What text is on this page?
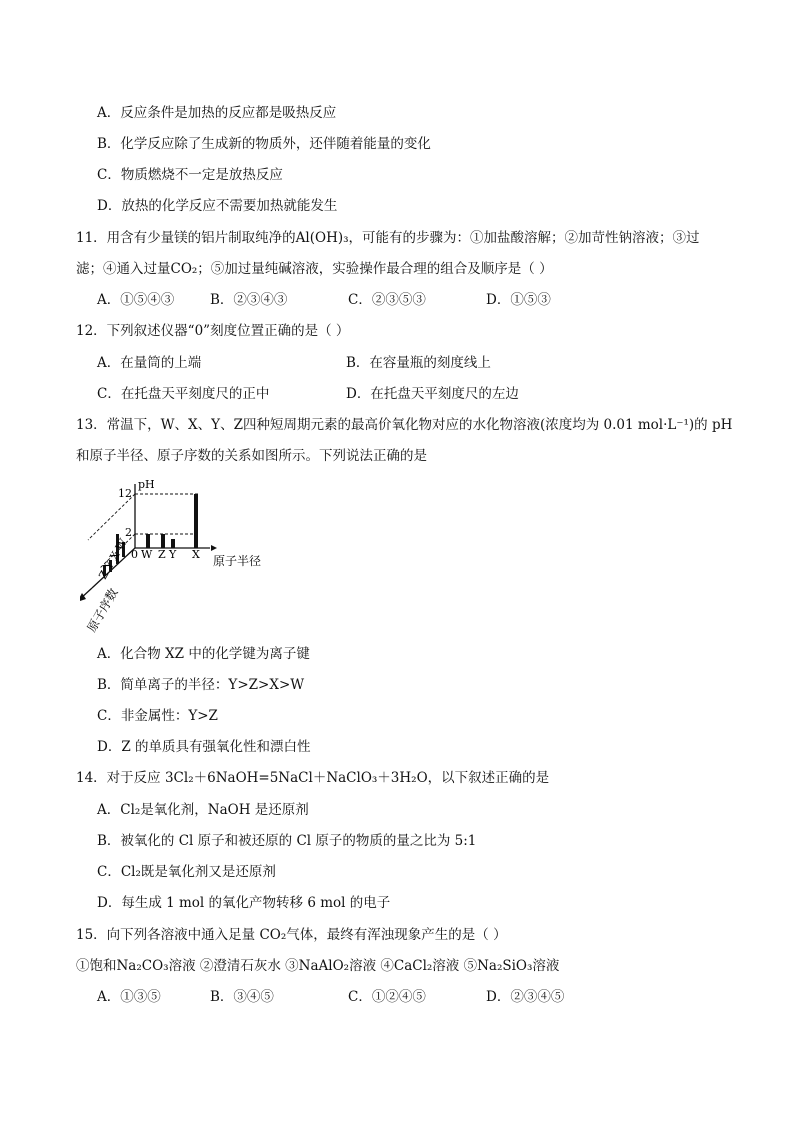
A．反应条件是加热的反应都是吸热反应
B．化学反应除了生成新的物质外，还伴随着能量的变化
C．物质燃烧不一定是放热反应
D．放热的化学反应不需要加热就能发生
11．用含有少量镁的铝片制取纯净的Al(OH)₃，可能有的步骤为：①加盐酸溶解；②加苛性钠溶液；③过
滤；④通入过量CO₂；⑤加过量纯碱溶液，实验操作最合理的组合及顺序是（ ）
A．①⑤④③	B．②③④③	C．②③⑤③	D．①⑤③
12．下列叙述仪器“0”刻度位置正确的是（ ）
A．在量筒的上端	B．在容量瓶的刻度线上
C．在托盘天平刻度尺的正中	D．在托盘天平刻度尺的左边
13．常温下，W、X、Y、Z四种短周期元素的最高价氧化物对应的水化物溶液(浓度均为 0.01 mol·L⁻¹)的 pH
和原子半径、原子序数的关系如图所示。下列说法正确的是
pH
12
2
0 W Z Y X 原子半径
Z Y X W
原子序数
A．化合物 XZ 中的化学键为离子键
B．简单离子的半径：Y>Z>X>W
C．非金属性：Y>Z
D．Z 的单质具有强氧化性和漂白性
14．对于反应 3Cl₂＋6NaOH=5NaCl＋NaClO₃＋3H₂O，以下叙述正确的是
A．Cl₂是氧化剂，NaOH 是还原剂
B．被氧化的 Cl 原子和被还原的 Cl 原子的物质的量之比为 5:1
C．Cl₂既是氧化剂又是还原剂
D．每生成 1 mol 的氧化产物转移 6 mol 的电子
15．向下列各溶液中通入足量 CO₂气体，最终有浑浊现象产生的是（ ）
①饱和Na₂CO₃溶液 ②澄清石灰水 ③NaAlO₂溶液 ④CaCl₂溶液 ⑤Na₂SiO₃溶液
A．①③⑤	B．③④⑤	C．①②④⑤	D．②③④⑤
